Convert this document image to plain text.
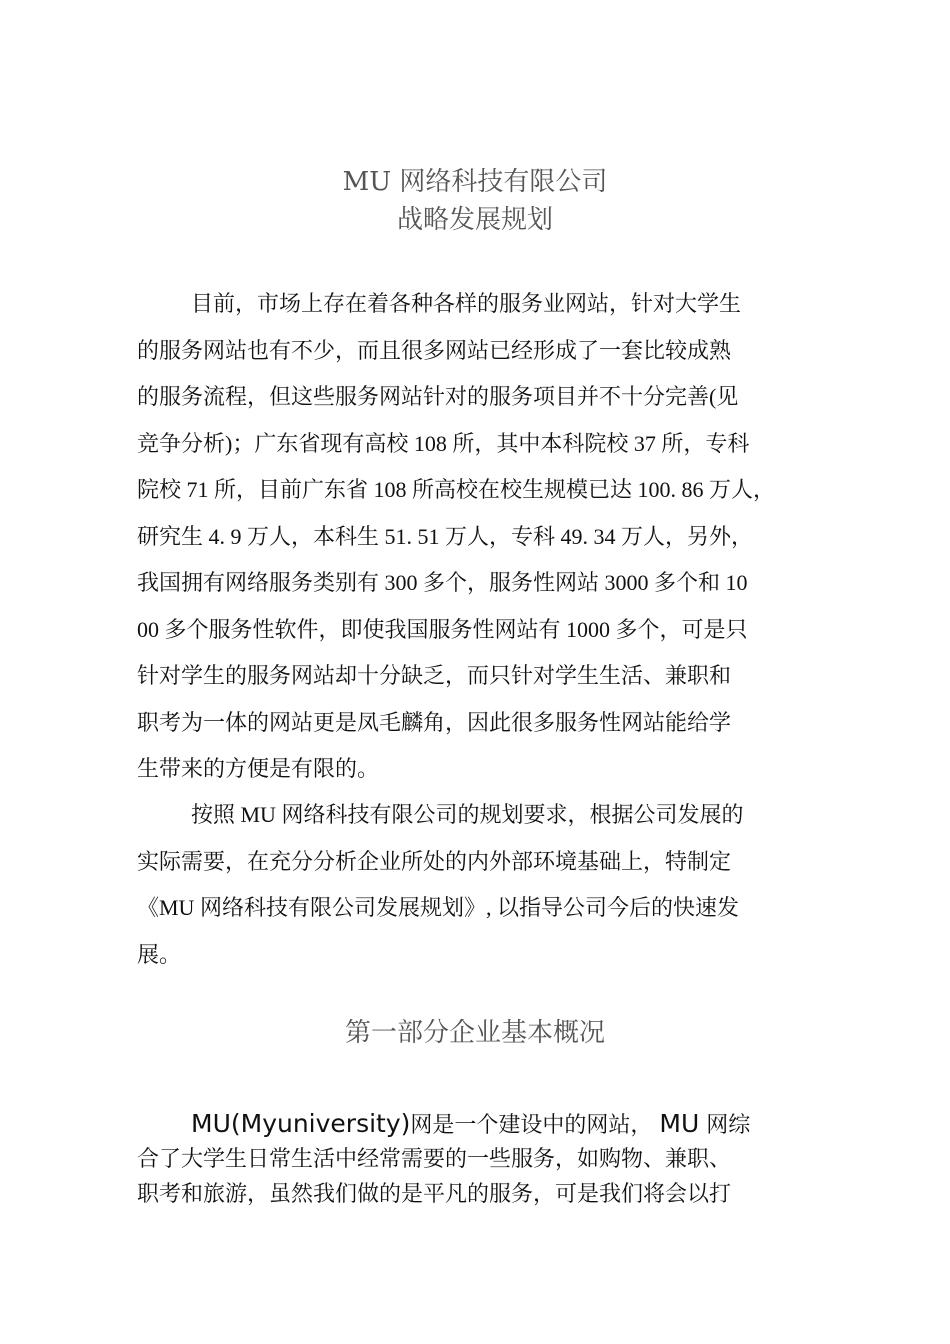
MU 网络科技有限公司
战略发展规划
目前，市场上存在着各种各样的服务业网站，针对大学生
的服务网站也有不少，而且很多网站已经形成了一套比较成熟
的服务流程，但这些服务网站针对的服务项目并不十分完善(见
竞争分析)；广东省现有高校 108 所，其中本科院校 37 所，专科
院校 71 所，目前广东省 108 所高校在校生规模已达 100. 86 万人，
研究生 4. 9 万人，本科生 51. 51 万人，专科 49. 34 万人，另外，
我国拥有网络服务类别有 300 多个，服务性网站 3000 多个和 10
00 多个服务性软件，即使我国服务性网站有 1000 多个，可是只
针对学生的服务网站却十分缺乏，而只针对学生生活、兼职和
职考为一体的网站更是凤毛麟角，因此很多服务性网站能给学
生带来的方便是有限的。
按照 MU 网络科技有限公司的规划要求，根据公司发展的
实际需要，在充分分析企业所处的内外部环境基础上，特制定
《MU 网络科技有限公司发展规划》, 以指导公司今后的快速发
展。
第一部分企业基本概况
MU(Myuniversity)网是一个建设中的网站， MU 网综
合了大学生日常生活中经常需要的一些服务，如购物、兼职、
职考和旅游，虽然我们做的是平凡的服务，可是我们将会以打
